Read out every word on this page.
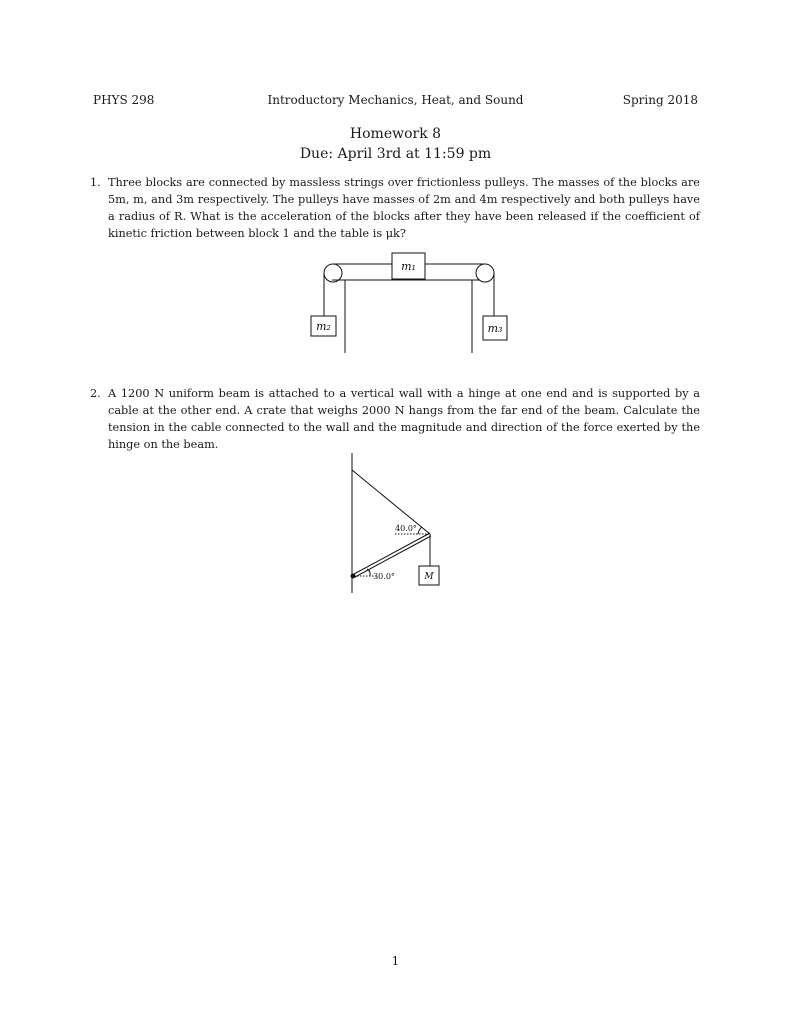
PHYS 298	Introductory Mechanics, Heat, and Sound	Spring 2018
Homework 8
Due: April 3rd at 11:59 pm
1. Three blocks are connected by massless strings over frictionless pulleys. The masses of the blocks are 5m, m, and 3m respectively. The pulleys have masses of 2m and 4m respectively and both pulleys have a radius of R. What is the acceleration of the blocks after they have been released if the coefficient of kinetic friction between block 1 and the table is μk?

m₁
m₂	m₃
2. A 1200 N uniform beam is attached to a vertical wall with a hinge at one end and is supported by a cable at the other end. A crate that weighs 2000 N hangs from the far end of the beam. Calculate the tension in the cable connected to the wall and the magnitude and direction of the force exerted by the hinge on the beam.

40.0°
30.0°	M
1
